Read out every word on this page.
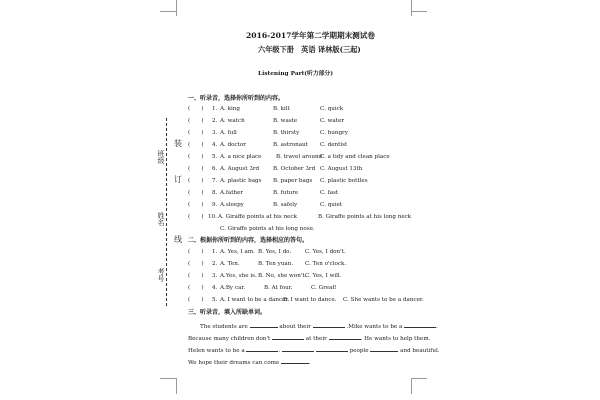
班级
姓名
考号
装
订
线
2016-2017学年第二学期期末测试卷
六年级下册　英语 译林版(三起)
Listening Part(听力部分)
一、听录音，选择你所听到的内容。
(　　) 1. A. king	B. kilt	C. quick
(　　) 2. A. watch	B. waste	C. water
(　　) 3. A. full	B. thirsty	C. hungry
(　　) 4. A. doctor	B. astronaut C. dentist
(　　) 5. A. a nice place	B. travel around
C. a tidy and clean place
(　　) 6. A. August 3rd B. October 3rd C. August 13th
(　　) 7. A. plastic bags B. paper bags C. plastic bottles
(　　) 8. A.father	B. future	C. fast
(　　) 9. A.sleepy	B. safely	C. quiet
(　　) 10. A. Giraffe points at his neck	B. Giraffe points at his long neck
C. Giraffe points at his long nose.
二、根据你所听到的内容，选择相应的答句。
(　　) 1. A. Yes, I am. B. Yes, I do. C. Yes, I don't.
(　　) 2. A. Ten.	B. Ten yuan. C. Ten o'clock.
(　　) 3. A.Yes, she is. B. No, she won't.
C. Yes, I will.
(　　) 4. A.By car.	B. At four.	C. Great!
(　　) 5. A. I want to be a dancer.
B. I want to dance. C. She wants to be a dancer.
三、听录音，填入所缺单词。
The students are	about their	.Mike wants to be a	.
Because many children don't	at their	. He wants to help them.
Helen wants to be a	.	people	and beautiful.
We hope their dreams can come	.
